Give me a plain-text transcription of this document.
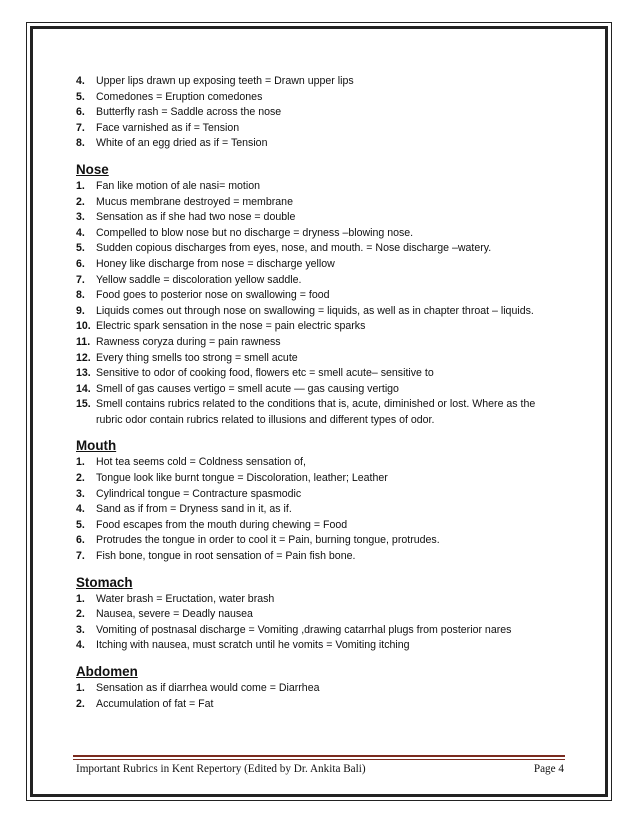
4.	Upper lips drawn up exposing teeth = Drawn upper lips
5.	Comedones = Eruption comedones
6.	Butterfly rash = Saddle across the nose
7.	Face varnished as if = Tension
8.	White of an egg dried as if = Tension
Nose
1.	Fan like motion of ale nasi= motion
2.	Mucus membrane destroyed = membrane
3.	Sensation as if she had two nose = double
4.	Compelled to blow nose but no discharge = dryness –blowing nose.
5.	Sudden copious discharges from eyes, nose, and mouth. = Nose discharge –watery.
6.	Honey like discharge from nose = discharge yellow
7.	Yellow saddle = discoloration yellow saddle.
8.	Food goes to posterior nose on swallowing = food
9.	Liquids comes out through nose on swallowing = liquids, as well as in chapter throat – liquids.
10. Electric spark sensation in the nose = pain electric sparks
11. Rawness coryza during = pain rawness
12. Every thing smells too strong = smell acute
13. Sensitive to odor of cooking food, flowers etc = smell acute– sensitive to
14. Smell of gas causes vertigo = smell acute — gas causing vertigo
15. Smell contains rubrics related to the conditions that is, acute, diminished or lost. Where as the rubric odor contain rubrics related to illusions and different types of odor.
Mouth
1.	Hot tea seems cold = Coldness sensation of,
2.	Tongue look like burnt tongue = Discoloration, leather; Leather
3.	Cylindrical tongue = Contracture spasmodic
4.	Sand as if from = Dryness sand in it, as if.
5.	Food escapes from the mouth during chewing = Food
6.	Protrudes the tongue in order to cool it = Pain, burning tongue, protrudes.
7.	Fish bone, tongue in root sensation of = Pain fish bone.
Stomach
1.	Water brash = Eructation, water brash
2.	Nausea, severe = Deadly nausea
3.	Vomiting of postnasal discharge = Vomiting ,drawing catarrhal plugs from posterior nares
4.	Itching with nausea, must scratch until he vomits = Vomiting itching
Abdomen
1.	Sensation as if diarrhea would come = Diarrhea
2.	Accumulation of fat = Fat
Important Rubrics in Kent Repertory (Edited by Dr. Ankita Bali)	Page 4
